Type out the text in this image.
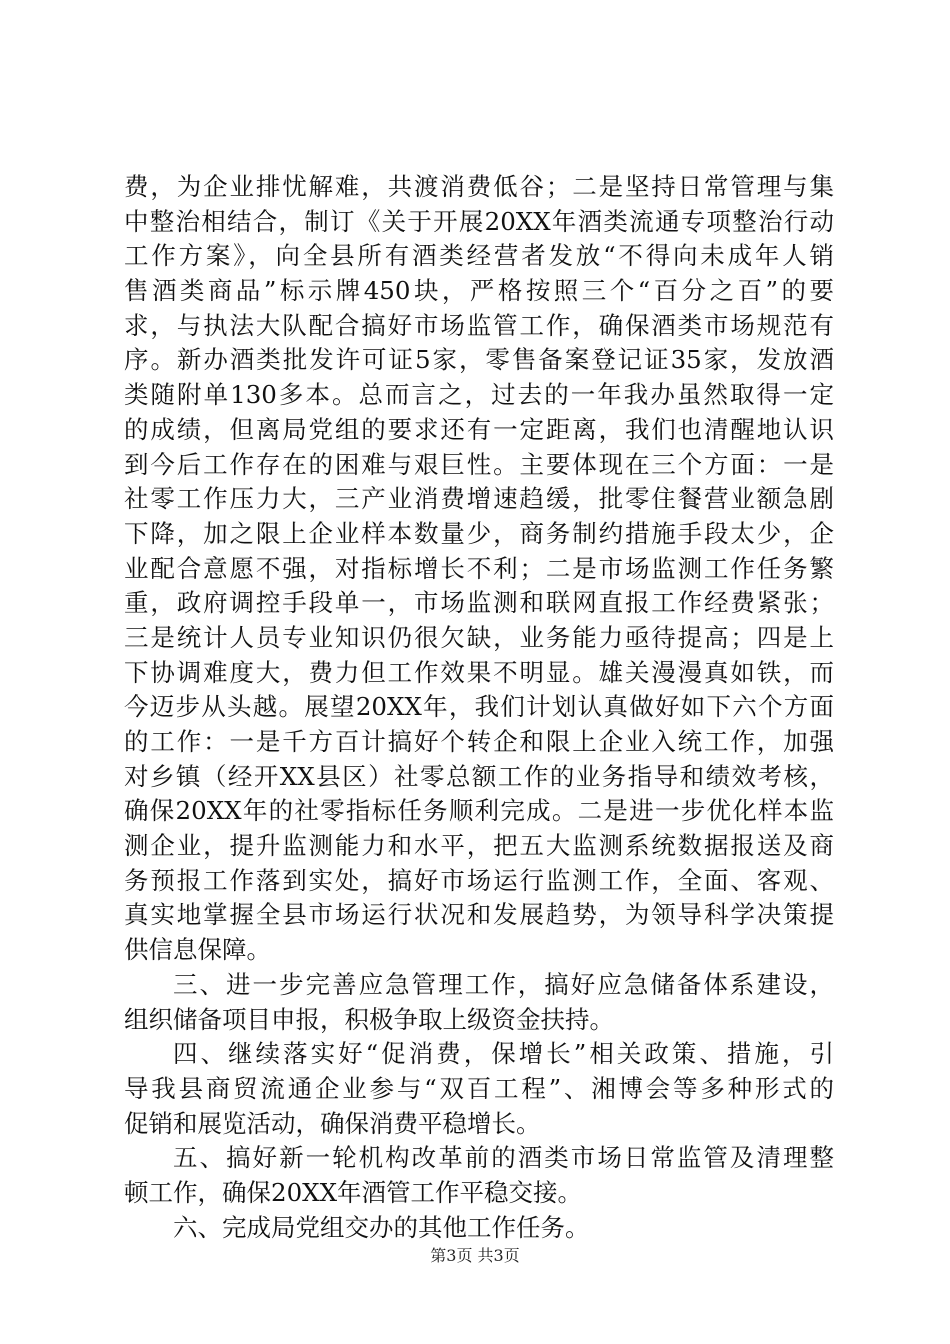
费，为企业排忧解难，共渡消费低谷；二是坚持日常管理与集
中整治相结合，制订《关于开展20XX年酒类流通专项整治行动
工作方案》，向全县所有酒类经营者发放“不得向未成年人销
售酒类商品”标示牌450块，严格按照三个“百分之百”的要
求，与执法大队配合搞好市场监管工作，确保酒类市场规范有
序。新办酒类批发许可证5家，零售备案登记证35家，发放酒
类随附单130多本。总而言之，过去的一年我办虽然取得一定
的成绩，但离局党组的要求还有一定距离，我们也清醒地认识
到今后工作存在的困难与艰巨性。主要体现在三个方面：一是
社零工作压力大，三产业消费增速趋缓，批零住餐营业额急剧
下降，加之限上企业样本数量少，商务制约措施手段太少，企
业配合意愿不强，对指标增长不利；二是市场监测工作任务繁
重，政府调控手段单一，市场监测和联网直报工作经费紧张；
三是统计人员专业知识仍很欠缺，业务能力亟待提高；四是上
下协调难度大，费力但工作效果不明显。雄关漫漫真如铁，而
今迈步从头越。展望20XX年，我们计划认真做好如下六个方面
的工作：一是千方百计搞好个转企和限上企业入统工作，加强
对乡镇（经开XX县区）社零总额工作的业务指导和绩效考核，
确保20XX年的社零指标任务顺利完成。二是进一步优化样本监
测企业，提升监测能力和水平，把五大监测系统数据报送及商
务预报工作落到实处，搞好市场运行监测工作，全面、客观、
真实地掌握全县市场运行状况和发展趋势，为领导科学决策提
供信息保障。
三、进一步完善应急管理工作，搞好应急储备体系建设，
组织储备项目申报，积极争取上级资金扶持。
四、继续落实好“促消费，保增长”相关政策、措施，引
导我县商贸流通企业参与“双百工程”、湘博会等多种形式的
促销和展览活动，确保消费平稳增长。
五、搞好新一轮机构改革前的酒类市场日常监管及清理整
顿工作，确保20XX年酒管工作平稳交接。
六、完成局党组交办的其他工作任务。
第3页 共3页
